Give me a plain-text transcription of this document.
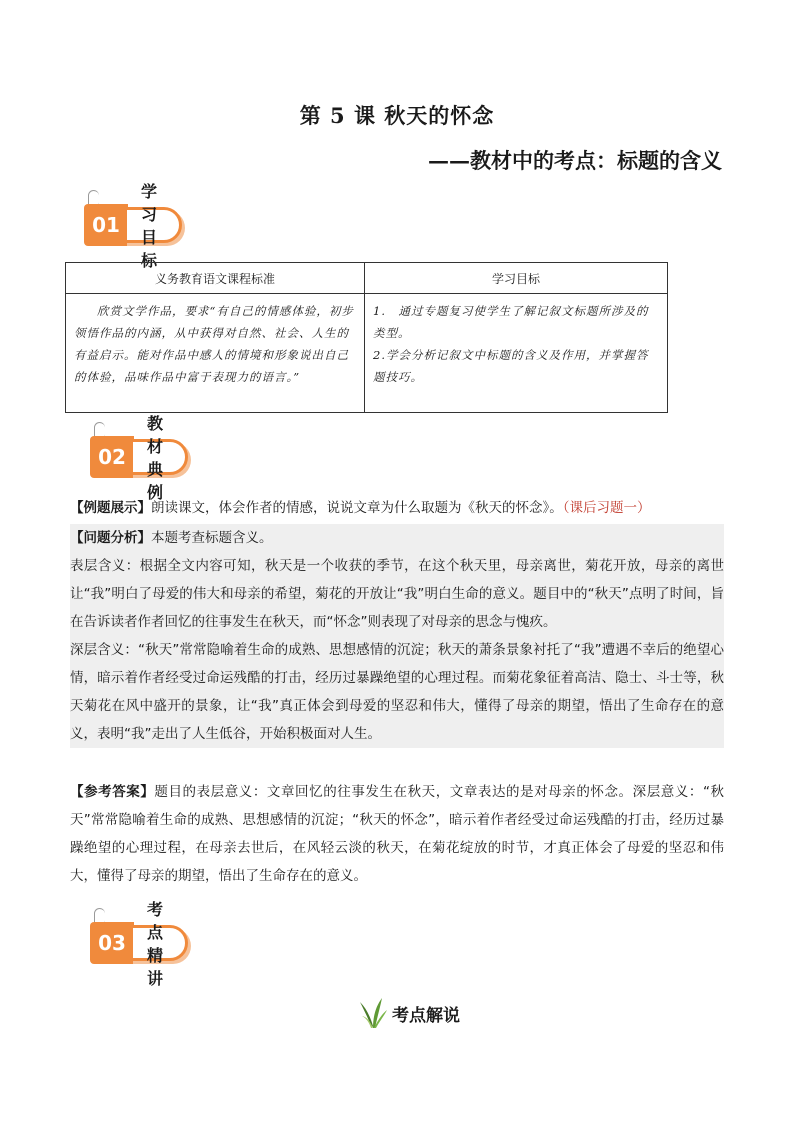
第 5 课 秋天的怀念
——教材中的考点：标题的含义
01
学习目标
义务教育语文课程标准	学习目标
欣赏文学作品，要求“有自己的情感体验，初步领悟作品的内涵，从中获得对自然、社会、人生的有益启示。能对作品中感人的情境和形象说出自己的体验，品味作品中富于表现力的语言。”	1.　通过专题复习使学生了解记叙文标题所涉及的类型。
2.学会分析记叙文中标题的含义及作用，并掌握答题技巧。
02
教材典例
【例题展示】朗读课文，体会作者的情感，说说文章为什么取题为《秋天的怀念》。（课后习题一）
【问题分析】本题考查标题含义。
表层含义：根据全文内容可知，秋天是一个收获的季节，在这个秋天里，母亲离世，菊花开放，母亲的离世让“我”明白了母爱的伟大和母亲的希望，菊花的开放让“我”明白生命的意义。题目中的“秋天”点明了时间，旨在告诉读者作者回忆的往事发生在秋天，而“怀念”则表现了对母亲的思念与愧疚。
深层含义：“秋天”常常隐喻着生命的成熟、思想感情的沉淀；秋天的萧条景象衬托了“我”遭遇不幸后的绝望心情，暗示着作者经受过命运残酷的打击，经历过暴躁绝望的心理过程。而菊花象征着高洁、隐士、斗士等，秋天菊花在风中盛开的景象，让“我”真正体会到母爱的坚忍和伟大，懂得了母亲的期望，悟出了生命存在的意义，表明“我”走出了人生低谷，开始积极面对人生。
【参考答案】题目的表层意义：文章回忆的往事发生在秋天，文章表达的是对母亲的怀念。深层意义：“秋天”常常隐喻着生命的成熟、思想感情的沉淀；“秋天的怀念”，暗示着作者经受过命运残酷的打击，经历过暴躁绝望的心理过程，在母亲去世后，在风轻云淡的秋天，在菊花绽放的时节，才真正体会了母爱的坚忍和伟大，懂得了母亲的期望，悟出了生命存在的意义。
03
考点精讲
考点解说
